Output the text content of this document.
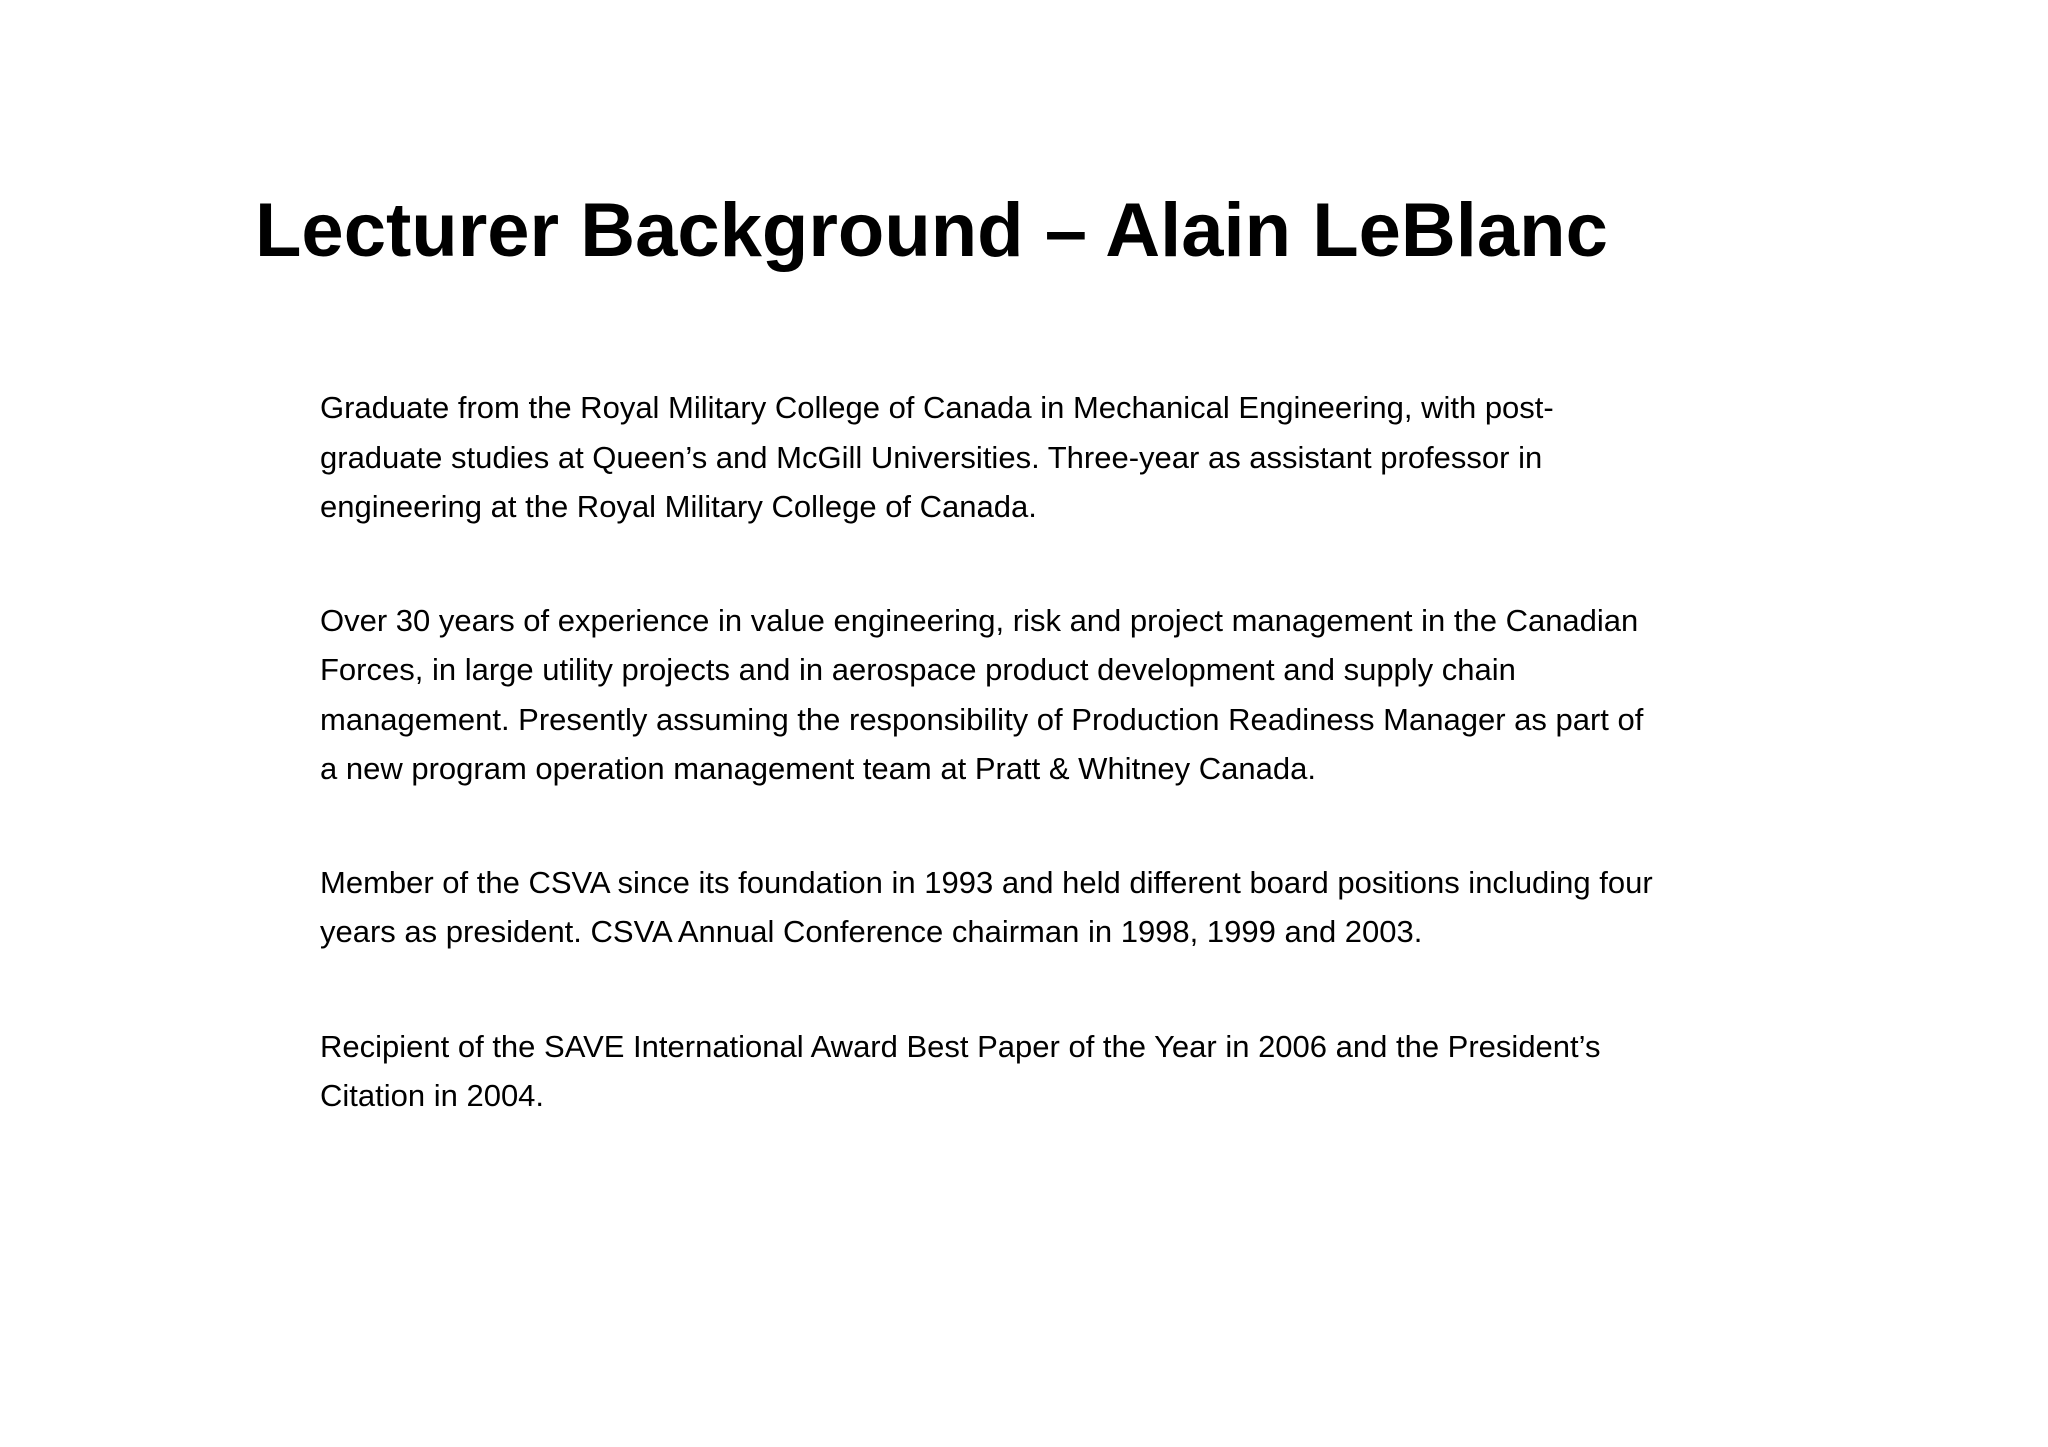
Lecturer Background – Alain LeBlanc

Graduate from the Royal Military College of Canada in Mechanical Engineering, with post-
graduate studies at Queen’s and McGill Universities. Three-year as assistant professor in
engineering at the Royal Military College of Canada.

Over 30 years of experience in value engineering, risk and project management in the Canadian
Forces, in large utility projects and in aerospace product development and supply chain
management. Presently assuming the responsibility of Production Readiness Manager as part of
a new program operation management team at Pratt & Whitney Canada.

Member of the CSVA since its foundation in 1993 and held different board positions including four
years as president. CSVA Annual Conference chairman in 1998, 1999 and 2003.

Recipient of the SAVE International Award Best Paper of the Year in 2006 and the President’s
Citation in 2004.
